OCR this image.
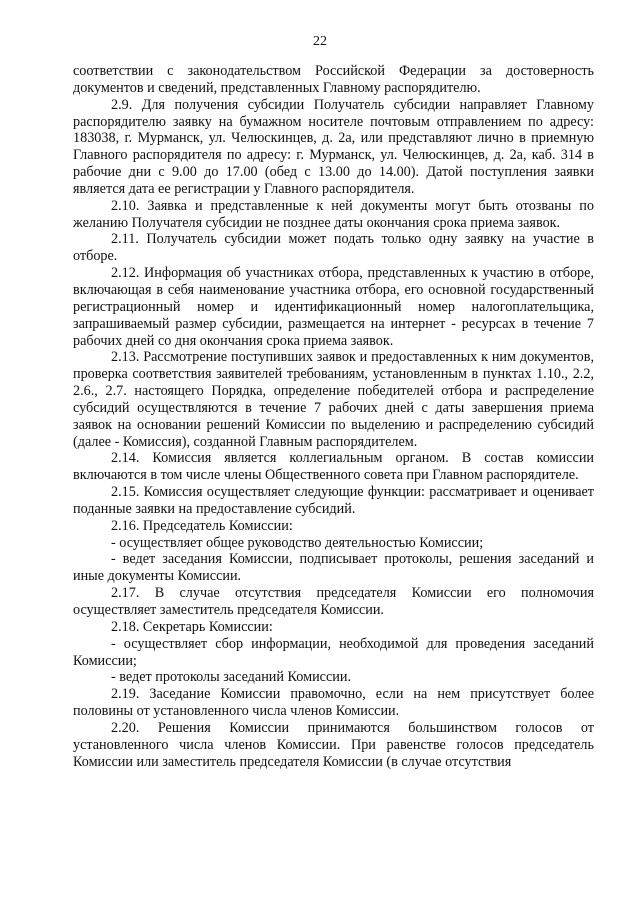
22

соответствии с законодательством Российской Федерации за достоверность документов и сведений, представленных Главному распорядителю.

2.9. Для получения субсидии Получатель субсидии направляет Главному распорядителю заявку на бумажном носителе почтовым отправлением по адресу: 183038, г. Мурманск, ул. Челюскинцев, д. 2а, или представляют лично в приемную Главного распорядителя по адресу: г. Мурманск, ул. Челюскинцев, д. 2а, каб. 314 в рабочие дни с 9.00 до 17.00 (обед с 13.00 до 14.00). Датой поступления заявки является дата ее регистрации у Главного распорядителя.

2.10. Заявка и представленные к ней документы могут быть отозваны по желанию Получателя субсидии не позднее даты окончания срока приема заявок.

2.11. Получатель субсидии может подать только одну заявку на участие в отборе.

2.12. Информация об участниках отбора, представленных к участию в отборе, включающая в себя наименование участника отбора, его основной государственный регистрационный номер и идентификационный номер налогоплательщика, запрашиваемый размер субсидии, размещается на интернет - ресурсах в течение 7 рабочих дней со дня окончания срока приема заявок.

2.13. Рассмотрение поступивших заявок и предоставленных к ним документов, проверка соответствия заявителей требованиям, установленным в пунктах 1.10., 2.2, 2.6., 2.7. настоящего Порядка, определение победителей отбора и распределение субсидий осуществляются в течение 7 рабочих дней с даты завершения приема заявок на основании решений Комиссии по выделению и распределению субсидий (далее - Комиссия), созданной Главным распорядителем.

2.14. Комиссия является коллегиальным органом. В состав комиссии включаются в том числе члены Общественного совета при Главном распорядителе.

2.15. Комиссия осуществляет следующие функции: рассматривает и оценивает поданные заявки на предоставление субсидий.

2.16. Председатель Комиссии:

- осуществляет общее руководство деятельностью Комиссии;

- ведет заседания Комиссии, подписывает протоколы, решения заседаний и иные документы Комиссии.

2.17. В случае отсутствия председателя Комиссии его полномочия осуществляет заместитель председателя Комиссии.

2.18. Секретарь Комиссии:

- осуществляет сбор информации, необходимой для проведения заседаний Комиссии;

- ведет протоколы заседаний Комиссии.

2.19. Заседание Комиссии правомочно, если на нем присутствует более половины от установленного числа членов Комиссии.

2.20. Решения Комиссии принимаются большинством голосов от установленного числа членов Комиссии. При равенстве голосов председатель Комиссии или заместитель председателя Комиссии (в случае отсутствия
